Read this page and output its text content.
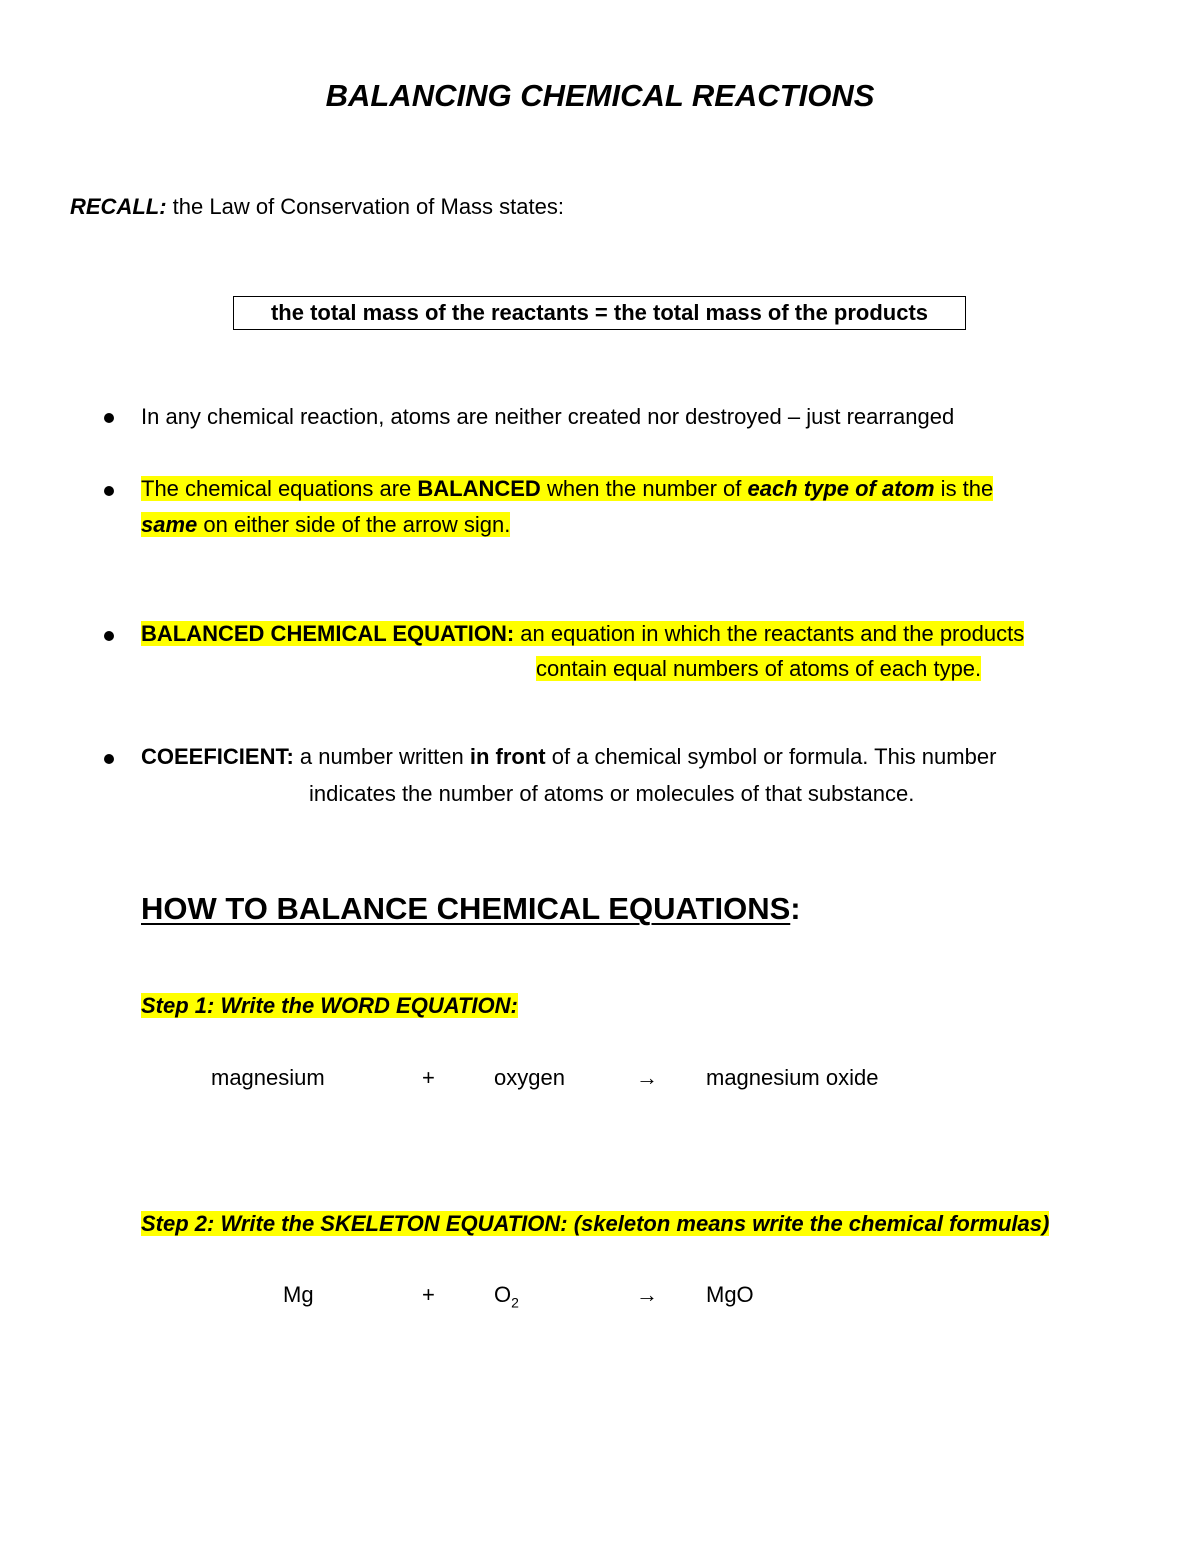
BALANCING CHEMICAL REACTIONS
RECALL: the Law of Conservation of Mass states:
the total mass of the reactants = the total mass of the products
In any chemical reaction, atoms are neither created nor destroyed – just rearranged
The chemical equations are BALANCED when the number of each type of atom is the
same on either side of the arrow sign.
BALANCED CHEMICAL EQUATION: an equation in which the reactants and the products
contain equal numbers of atoms of each type.
COEEFICIENT: a number written in front of a chemical symbol or formula. This number
indicates the number of atoms or molecules of that substance.
HOW TO BALANCE CHEMICAL EQUATIONS:
Step 1: Write the WORD EQUATION:
magnesium	+	oxygen	→ magnesium oxide
Step 2: Write the SKELETON EQUATION: (skeleton means write the chemical formulas)
Mg	+	$O_2$	→ MgO
